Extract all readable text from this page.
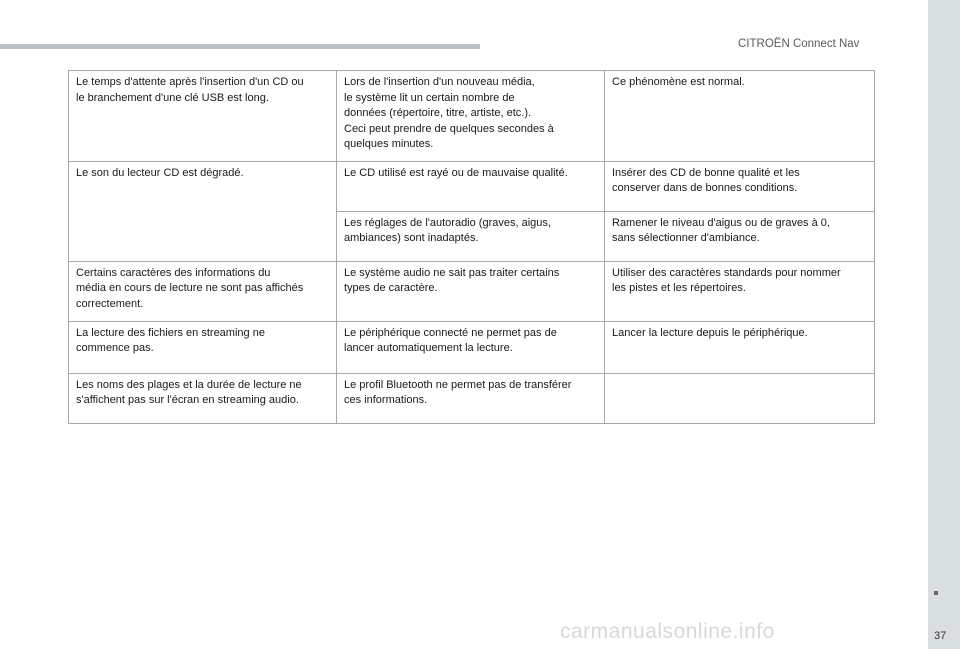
CITROËN Connect Nav
Le temps d'attente après l'insertion d'un CD ou
le branchement d'une clé USB est long.	Lors de l'insertion d'un nouveau média,
le système lit un certain nombre de
données (répertoire, titre, artiste, etc.).
Ceci peut prendre de quelques secondes à
quelques minutes.	Ce phénomène est normal.
Le son du lecteur CD est dégradé.	Le CD utilisé est rayé ou de mauvaise qualité.	Insérer des CD de bonne qualité et les
conserver dans de bonnes conditions.
	Les réglages de l'autoradio (graves, aigus,
ambiances) sont inadaptés.	Ramener le niveau d'aigus ou de graves à 0,
sans sélectionner d'ambiance.
Certains caractères des informations du
média en cours de lecture ne sont pas affichés
correctement.	Le système audio ne sait pas traiter certains
types de caractère.	Utiliser des caractères standards pour nommer
les pistes et les répertoires.
La lecture des fichiers en streaming ne
commence pas.	Le périphérique connecté ne permet pas de
lancer automatiquement la lecture.	Lancer la lecture depuis le périphérique.
Les noms des plages et la durée de lecture ne
s'affichent pas sur l'écran en streaming audio.	Le profil Bluetooth ne permet pas de transférer
ces informations.	
37
carmanualsonline.info
